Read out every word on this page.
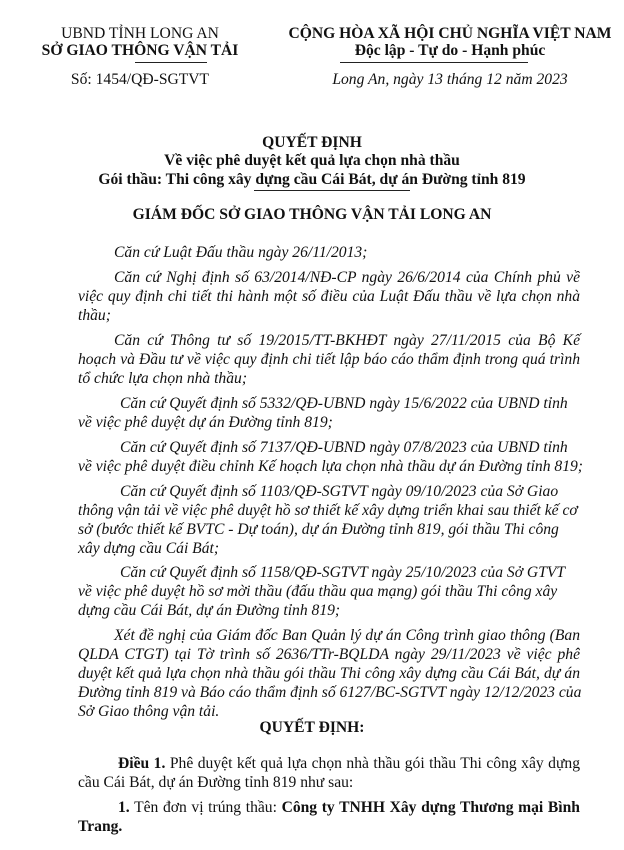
UBND TỈNH LONG AN
SỞ GIAO THÔNG VẬN TẢI
Số: 1454/QĐ-SGTVT
CỘNG HÒA XÃ HỘI CHỦ NGHĨA VIỆT NAM
Độc lập - Tự do - Hạnh phúc
Long An, ngày 13 tháng 12 năm 2023
QUYẾT ĐỊNH
Về việc phê duyệt kết quả lựa chọn nhà thầu
Gói thầu: Thi công xây dựng cầu Cái Bát, dự án Đường tỉnh 819
GIÁM ĐỐC SỞ GIAO THÔNG VẬN TẢI LONG AN
Căn cứ Luật Đấu thầu ngày 26/11/2013;
Căn cứ Nghị định số 63/2014/NĐ-CP ngày 26/6/2014 của Chính phủ về
việc quy định chi tiết thi hành một số điều của Luật Đấu thầu về lựa chọn nhà
thầu;
Căn cứ Thông tư số 19/2015/TT-BKHĐT ngày 27/11/2015 của Bộ Kế
hoạch và Đầu tư về việc quy định chi tiết lập báo cáo thẩm định trong quá trình
tổ chức lựa chọn nhà thầu;
Căn cứ Quyết định số 5332/QĐ-UBND ngày 15/6/2022 của UBND tỉnh
về việc phê duyệt dự án Đường tỉnh 819;
Căn cứ Quyết định số 7137/QĐ-UBND ngày 07/8/2023 của UBND tỉnh
về việc phê duyệt điều chỉnh Kế hoạch lựa chọn nhà thầu dự án Đường tỉnh 819;
Căn cứ Quyết định số 1103/QĐ-SGTVT ngày 09/10/2023 của Sở Giao
thông vận tải về việc phê duyệt hồ sơ thiết kế xây dựng triển khai sau thiết kế cơ
sở (bước thiết kế BVTC - Dự toán), dự án Đường tỉnh 819, gói thầu Thi công
xây dựng cầu Cái Bát;
Căn cứ Quyết định số 1158/QĐ-SGTVT ngày 25/10/2023 của Sở GTVT
về việc phê duyệt hồ sơ mời thầu (đấu thầu qua mạng) gói thầu Thi công xây
dựng cầu Cái Bát, dự án Đường tỉnh 819;
Xét đề nghị của Giám đốc Ban Quản lý dự án Công trình giao thông (Ban
QLDA CTGT) tại Tờ trình số 2636/TTr-BQLDA ngày 29/11/2023 về việc phê
duyệt kết quả lựa chọn nhà thầu gói thầu Thi công xây dựng cầu Cái Bát, dự án
Đường tỉnh 819 và Báo cáo thẩm định số 6127/BC-SGTVT ngày 12/12/2023 của
Sở Giao thông vận tải.
QUYẾT ĐỊNH:
Điều 1. Phê duyệt kết quả lựa chọn nhà thầu gói thầu Thi công xây dựng
cầu Cái Bát, dự án Đường tỉnh 819 như sau:
1. Tên đơn vị trúng thầu: Công ty TNHH Xây dựng Thương mại Bình
Trang.
